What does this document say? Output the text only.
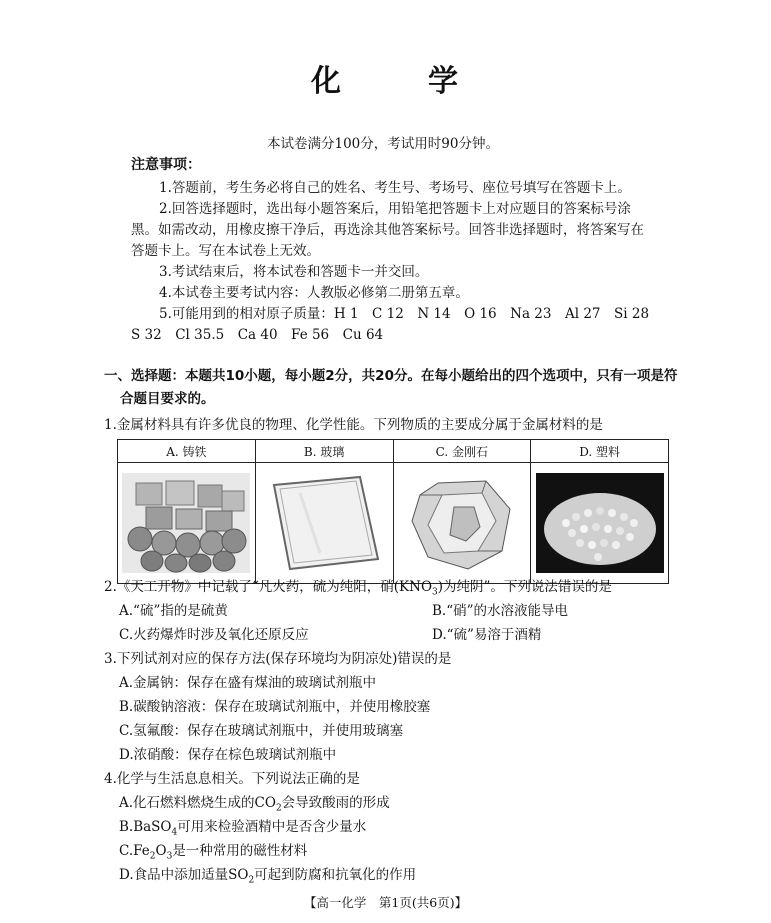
化	学
本试卷满分100分，考试用时90分钟。
注意事项：
1.答题前，考生务必将自己的姓名、考生号、考场号、座位号填写在答题卡上。
2.回答选择题时，选出每小题答案后，用铅笔把答题卡上对应题目的答案标号涂
黑。如需改动，用橡皮擦干净后，再选涂其他答案标号。回答非选择题时，将答案写在
答题卡上。写在本试卷上无效。
3.考试结束后，将本试卷和答题卡一并交回。
4.本试卷主要考试内容：人教版必修第二册第五章。
5.可能用到的相对原子质量：H 1　C 12　N 14　O 16　Na 23　Al 27　Si 28
S 32　Cl 35.5　Ca 40　Fe 56　Cu 64
一、选择题：本题共10小题，每小题2分，共20分。在每小题给出的四个选项中，只有一项是符
合题目要求的。
1.金属材料具有许多优良的物理、化学性能。下列物质的主要成分属于金属材料的是
A. 铸铁	B. 玻璃	C. 金刚石	D. 塑料

2.《天工开物》中记载了“凡火药，硫为纯阳，硝$(KNO_3)$为纯阴”。下列说法错误的是
A.“硫”指的是硫黄	B.“硝”的水溶液能导电
C.火药爆炸时涉及氧化还原反应	D.“硫”易溶于酒精
3.下列试剂对应的保存方法(保存环境均为阴凉处)错误的是
A.金属钠：保存在盛有煤油的玻璃试剂瓶中
B.碳酸钠溶液：保存在玻璃试剂瓶中，并使用橡胶塞
C.氢氟酸：保存在玻璃试剂瓶中，并使用玻璃塞
D.浓硝酸：保存在棕色玻璃试剂瓶中
4.化学与生活息息相关。下列说法正确的是
A.化石燃料燃烧生成的$CO_2$会导致酸雨的形成
B.BaSO$_4$可用来检验酒精中是否含少量水
$C.Fe_2O_3$是一种常用的磁性材料
D.食品中添加适量$SO_2$可起到防腐和抗氧化的作用
【高一化学　第1页(共6页)】
